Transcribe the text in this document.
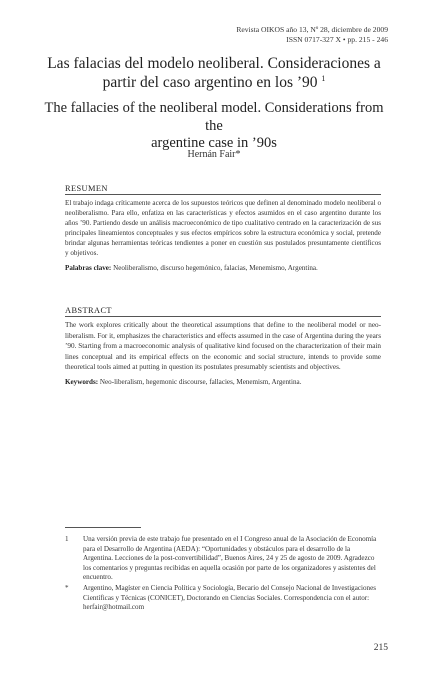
Revista OIKOS año 13, Nº 28, diciembre de 2009
ISSN 0717-327 X • pp. 215 - 246
Las falacias del modelo neoliberal. Consideraciones a
partir del caso argentino en los ’90 $^1$
The fallacies of the neoliberal model. Considerations from the
argentine case in ’90s
Hernán Fair*
RESUMEN

El trabajo indaga críticamente acerca de los supuestos teóricos que definen al denominado modelo neoliberal o neoliberalismo. Para ello, enfatiza en las características y efectos asumidos en el caso argentino durante los años ’90. Partiendo desde un análisis macroeconómico de tipo cualitativo centrado en la caracterización de sus principales lineamientos conceptuales y sus efectos empíricos sobre la estructura económica y social, pretende brindar algunas herramientas teóricas tendientes a poner en cuestión sus postulados presuntamente científicos y objetivos.

Palabras clave: Neoliberalismo, discurso hegemónico, falacias, Menemismo, Argentina.

ABSTRACT

The work explores critically about the theoretical assumptions that define to the neoliberal model or neo-liberalism. For it, emphasizes the characteristics and effects assumed in the case of Argentina during the years ’90. Starting from a macroeconomic analysis of qualitative kind focused on the characterization of their main lines conceptual and its empirical effects on the economic and social structure, intends to provide some theoretical tools aimed at putting in question its postulates presumably scientists and objectives.

Keywords: Neo-liberalism, hegemonic discourse, fallacies, Menemism, Argentina.

1	Una versión previa de este trabajo fue presentado en el I Congreso anual de la Asociación de Economía para el Desarrollo de Argentina (AEDA): “Oportunidades y obstáculos para el desarrollo de la Argentina. Lecciones de la post-convertibilidad”, Buenos Aires, 24 y 25 de agosto de 2009. Agradezco los comentarios y preguntas recibidas en aquella ocasión por parte de los organizadores y asistentes del encuentro.
*	Argentino, Magíster en Ciencia Política y Sociología, Becario del Consejo Nacional de Investigaciones Científicas y Técnicas (CONICET), Doctorando en Ciencias Sociales. Correspondencia con el autor: herfair@hotmail.com
215
